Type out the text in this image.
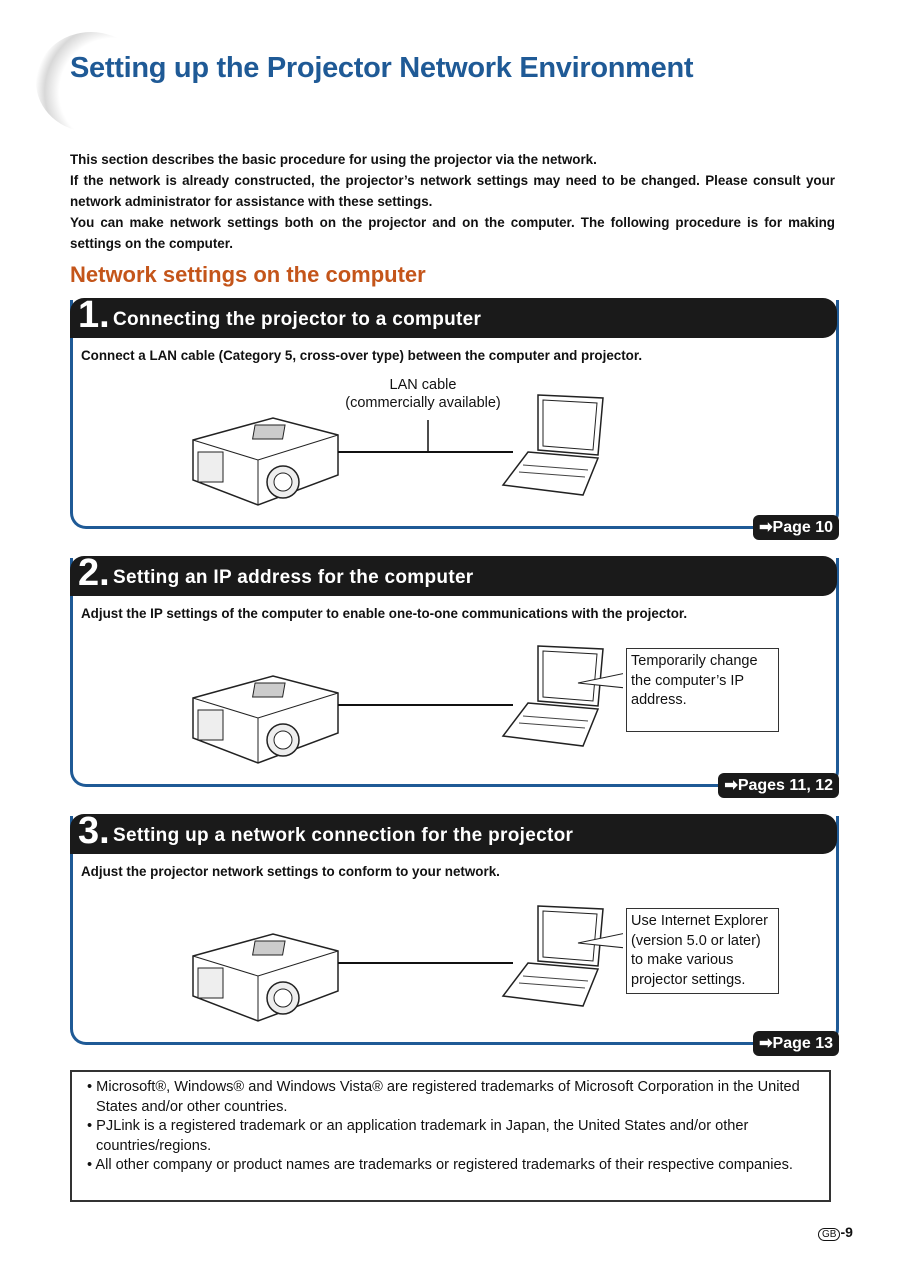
Setting up the Projector Network Environment

This section describes the basic procedure for using the projector via the network.

If the network is already constructed, the projector’s network settings may need to be changed. Please consult your network administrator for assistance with these settings.

You can make network settings both on the projector and on the computer. The following procedure is for making settings on the computer.

Network settings on the computer
1. Connecting the projector to a computer
Connect a LAN cable (Category 5, cross-over type) between the computer and projector.
LAN cable
(commercially available)
➡Page 10
2. Setting an IP address for the computer
Adjust the IP settings of the computer to enable one-to-one communications with the projector.
Temporarily change the computer’s IP address.
➡Pages 11, 12
3. Setting up a network connection for the projector
Adjust the projector network settings to conform to your network.
Use Internet Explorer (version 5.0 or later) to make various projector settings.
➡Page 13
• Microsoft®, Windows® and Windows Vista® are registered trademarks of Microsoft Corporation in the United States and/or other countries.
• PJLink is a registered trademark or an application trademark in Japan, the United States and/or other countries/regions.
• All other company or product names are trademarks or registered trademarks of their respective companies.
GB -9
